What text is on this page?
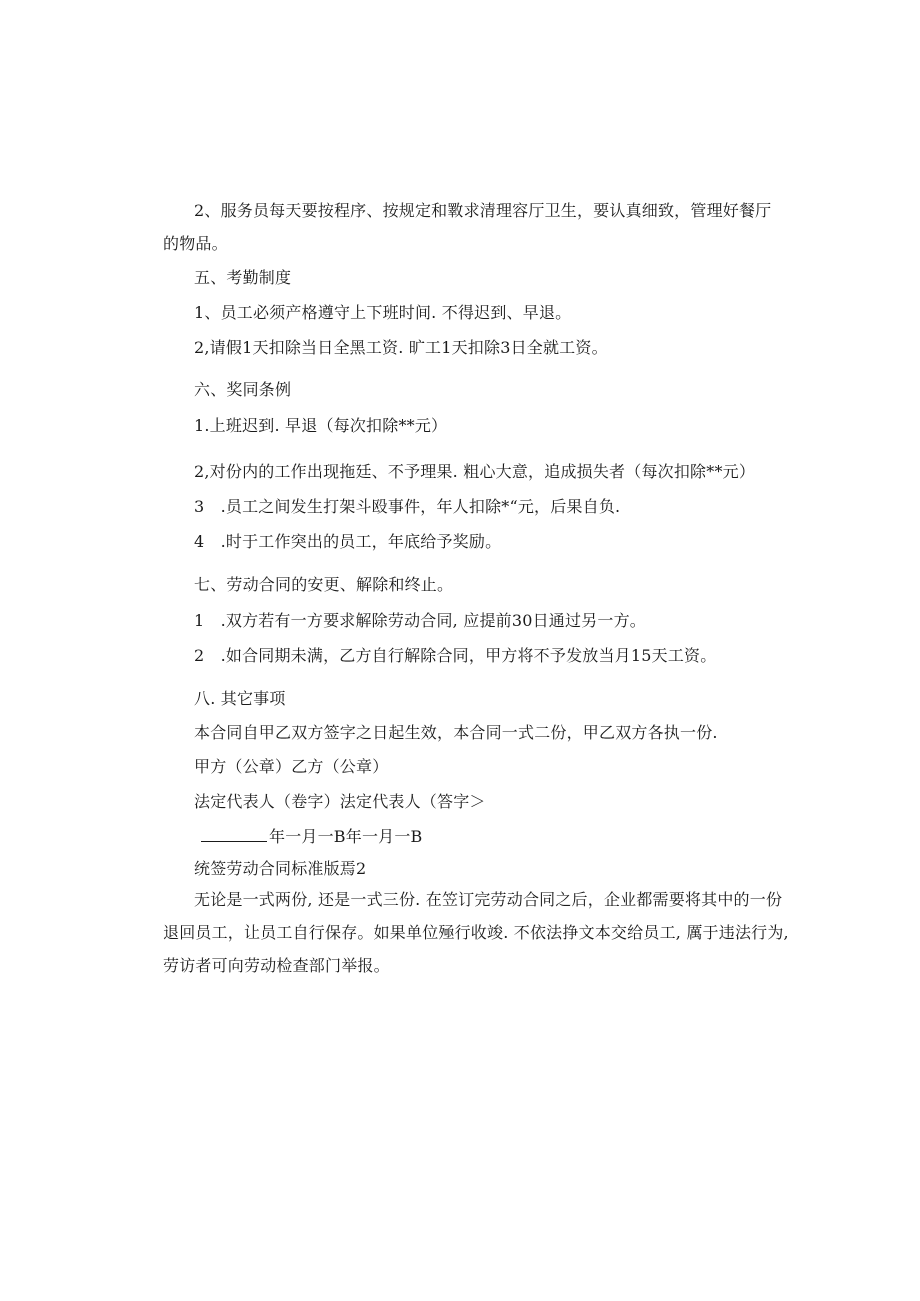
2、服务员每天要按程序、按规定和斁求清理容厅卫生，要认真细致，管理好餐厅
的物品。
五、考勤制度
1、员工必须产格遵守上下班时间. 不得迟到、早退。
2,请假1天扣除当日全黑工资. 旷工1天扣除3日全就工资。
六、奖同条例
1.上班迟到. 早退（每次扣除**元）
2,对份内的工作出现拖廷、不予理果. 粗心大意，追成损失者（每次扣除**元）
3　.员工之间发生打架斗殴事件，年人扣除*“元，后果自负.
4　.时于工作突出的员工，年底给予奖励。
七、劳动合同的安更、解除和终止。
1　.双方若有一方要求解除劳动合同, 应提前30日通过另一方。
2　.如合同期未满，乙方自行解除合同，甲方将不予发放当月15天工资。
八. 其它事项
本合同自甲乙双方签字之日起生效，本合同一式二份，甲乙双方各执一份.
甲方（公章）乙方（公章）
法定代表人（卷字）法定代表人（答字＞
年一月一B年一月一B
统签劳动合同标准版焉2
无论是一式两份, 还是一式三份. 在笠订完劳动合同之后，企业都需要将其中的一份
退回员工，让员工自行保存。如果单位殛行收竣. 不依法挣文本交给员工, 厲于违法行为,
劳访者可向劳动检查部门举报。
